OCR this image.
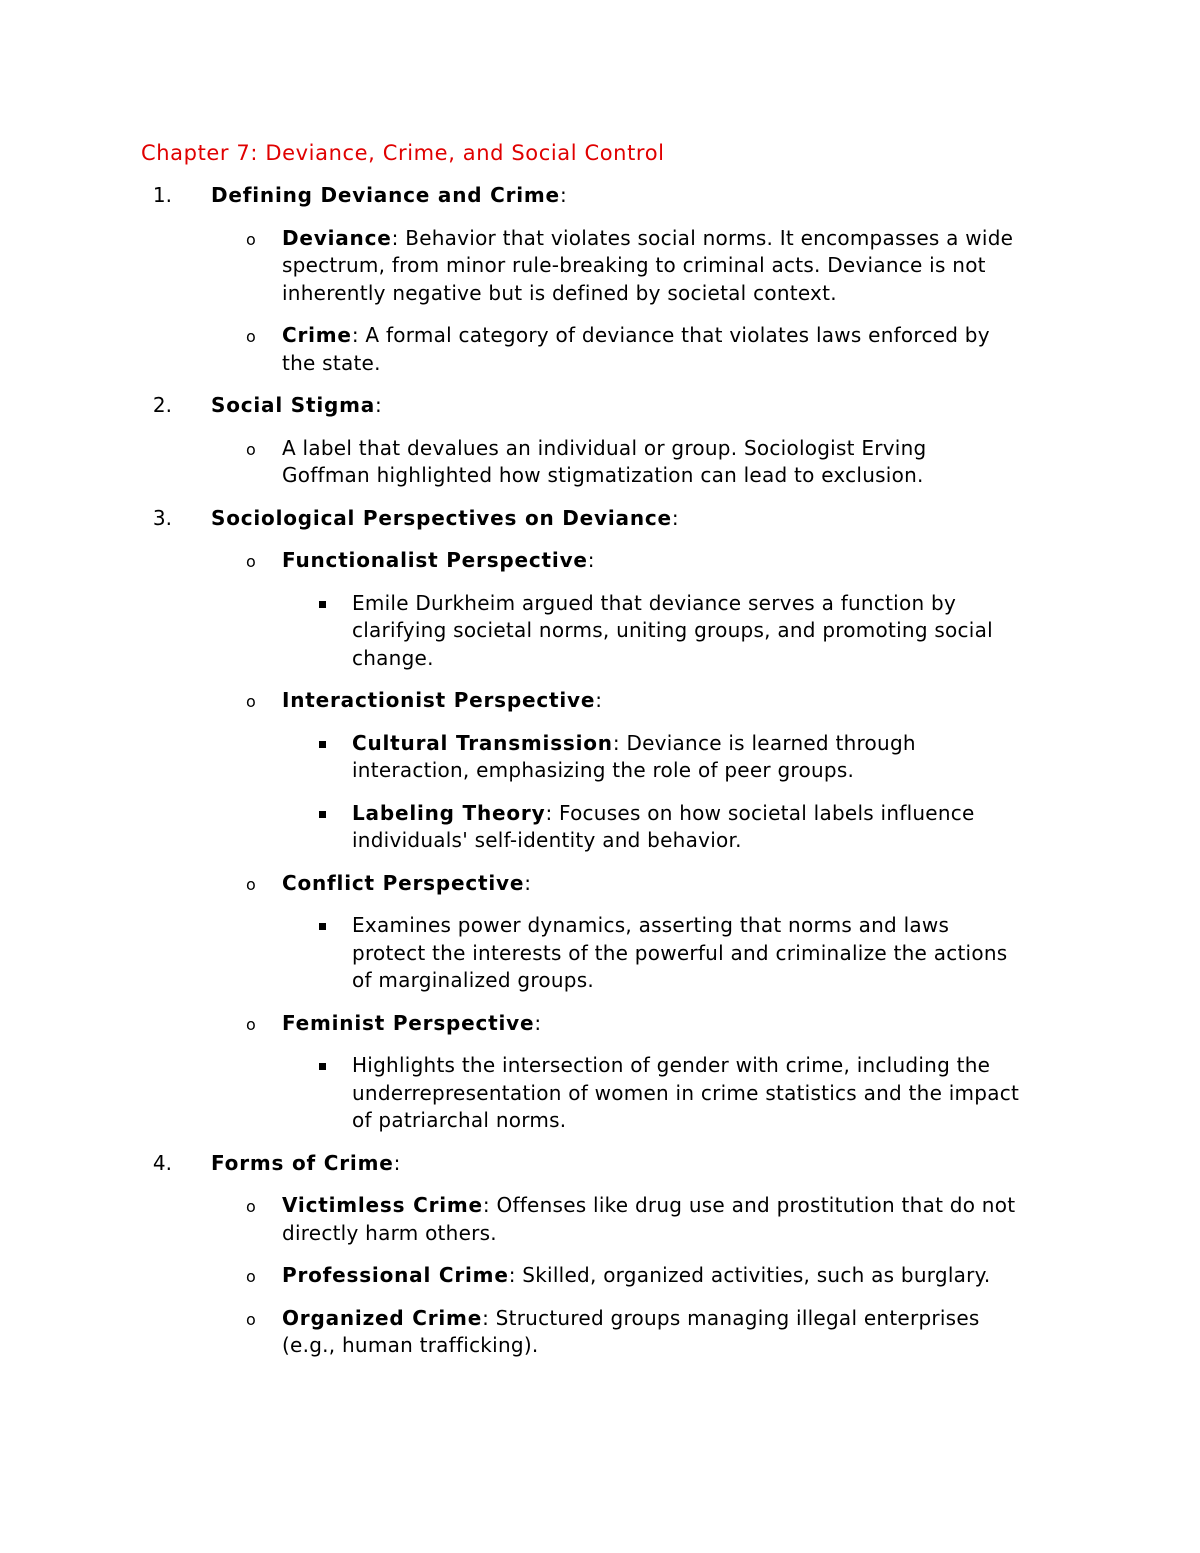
Chapter 7: Deviance, Crime, and Social Control
1. Defining Deviance and Crime:
o Deviance: Behavior that violates social norms. It encompasses a wide
spectrum, from minor rule-breaking to criminal acts. Deviance is not
inherently negative but is defined by societal context.
o Crime: A formal category of deviance that violates laws enforced by
the state.
2. Social Stigma:
o A label that devalues an individual or group. Sociologist Erving
Goffman highlighted how stigmatization can lead to exclusion.
3. Sociological Perspectives on Deviance:
o Functionalist Perspective:
Emile Durkheim argued that deviance serves a function by
clarifying societal norms, uniting groups, and promoting social
change.
o Interactionist Perspective:
Cultural Transmission: Deviance is learned through
interaction, emphasizing the role of peer groups.
Labeling Theory: Focuses on how societal labels influence
individuals' self-identity and behavior.
o Conflict Perspective:
Examines power dynamics, asserting that norms and laws
protect the interests of the powerful and criminalize the actions
of marginalized groups.
o Feminist Perspective:
Highlights the intersection of gender with crime, including the
underrepresentation of women in crime statistics and the impact
of patriarchal norms.
4. Forms of Crime:
o Victimless Crime: Offenses like drug use and prostitution that do not
directly harm others.
o Professional Crime: Skilled, organized activities, such as burglary.
o Organized Crime: Structured groups managing illegal enterprises
(e.g., human trafficking).
